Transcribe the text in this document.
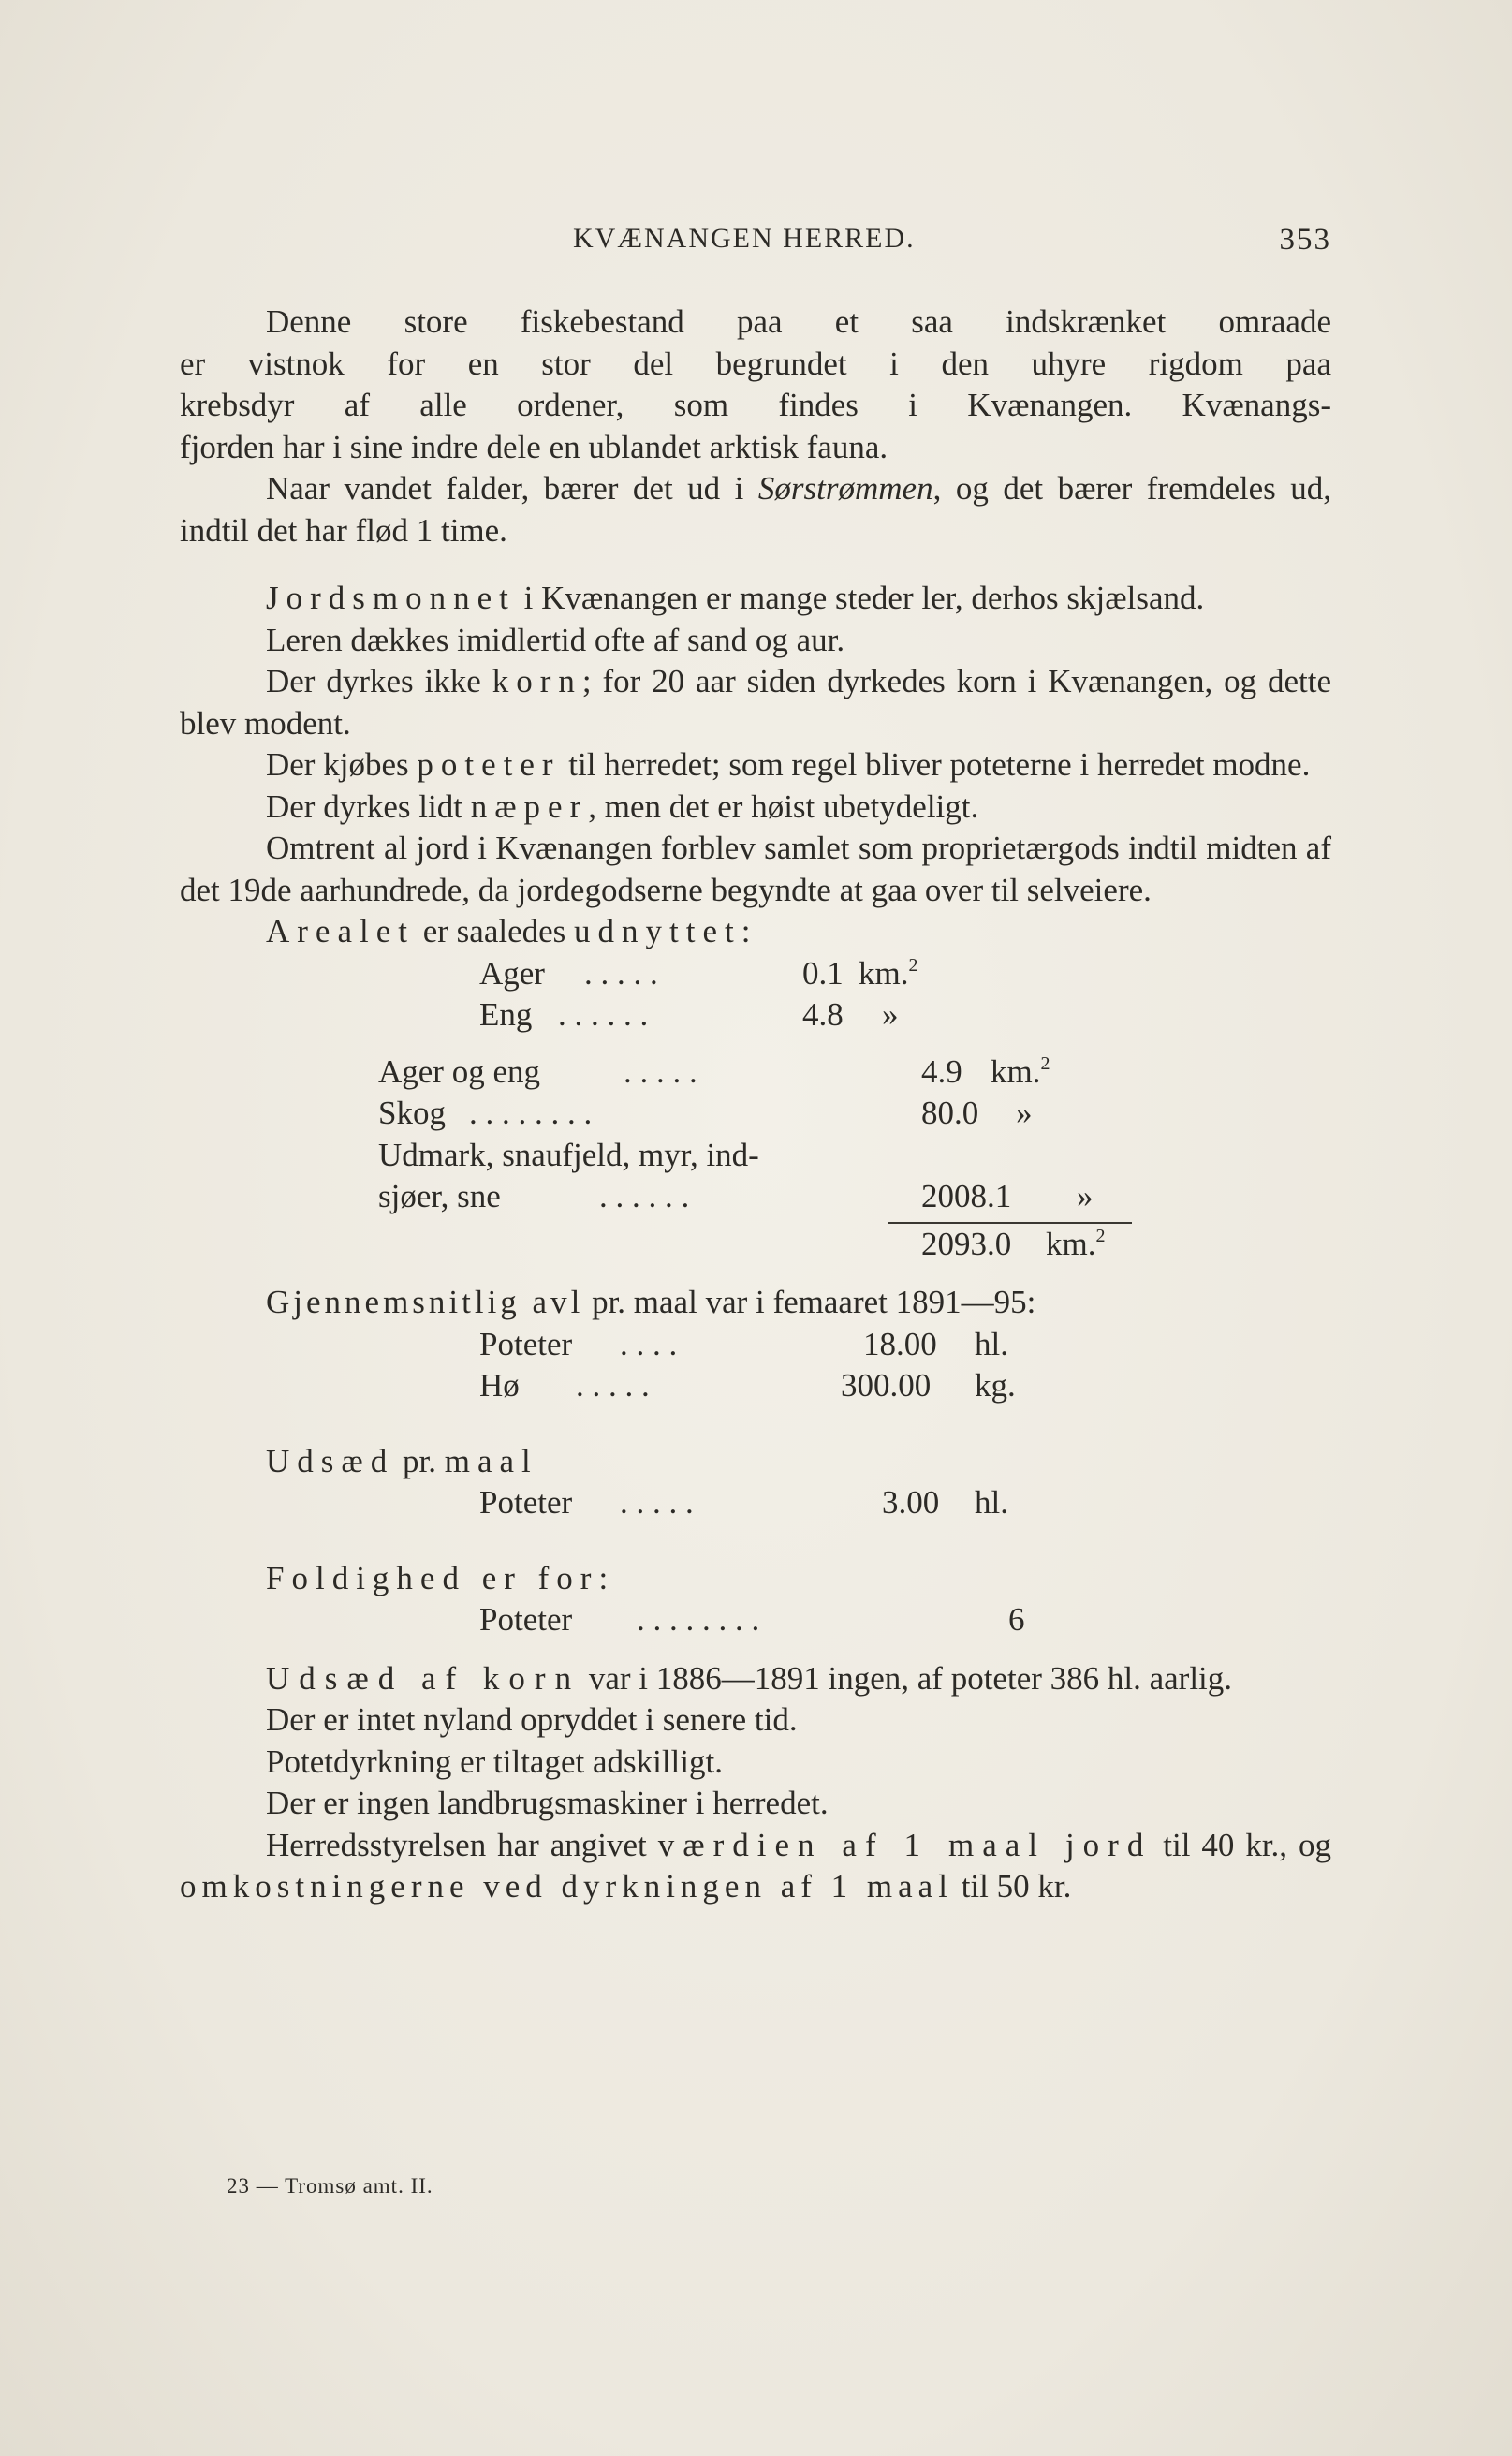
KVÆNANGEN HERRED.	353

Denne store fiskebestand paa et saa indskrænket omraade

er vistnok for en stor del begrundet i den uhyre rigdom paa

krebsdyr af alle ordener, som findes i Kvænangen. Kvænangs-

fjorden har i sine indre dele en ublandet arktisk fauna.

Naar vandet falder, bærer det ud i Sørstrømmen, og det bærer fremdeles ud, indtil det har flød 1 time.

Jordsmonnet i Kvænangen er mange steder ler, derhos skjælsand.

Leren dækkes imidlertid ofte af sand og aur.

Der dyrkes ikke korn; for 20 aar siden dyrkedes korn i Kvænangen, og dette blev modent.

Der kjøbes poteter til herredet; som regel bliver poteterne i herredet modne.

Der dyrkes lidt næper, men det er høist ubetydeligt.

Omtrent al jord i Kvænangen forblev samlet som proprietærgods indtil midten af det 19de aarhundrede, da jordegodserne begyndte at gaa over til selveiere.

Arealet er saaledes udnyttet:

Ager . . . . .	0.1 km.$^2$
Eng . . . . . .	4.8 »
Ager og eng	. . . . .	4.9 km.$^2$
Skog . . . . . . . .	80.0 »
Udmark, snaufjeld, myr, ind-
sjøer, sne	. . . . . .	2008.1 »
2093.0 km.$^2$

Gjennemsnitlig avl pr. maal var i femaaret 1891—95:

Poteter . . . .	18.00 hl.
Hø . . . . .	300.00 kg.

Udsæd pr. maal

Poteter . . . . .	3.00 hl.

Foldighed er for:

Poteter . . . . . . . .	6

Udsæd af korn var i 1886—1891 ingen, af poteter 386 hl. aarlig.

Der er intet nyland opryddet i senere tid.

Potetdyrkning er tiltaget adskilligt.

Der er ingen landbrugsmaskiner i herredet.

Herredsstyrelsen har angivet værdien af 1 maal jord til 40 kr., og omkostningerne ved dyrkningen af 1 maal til 50 kr.

23 — Tromsø amt. II.
